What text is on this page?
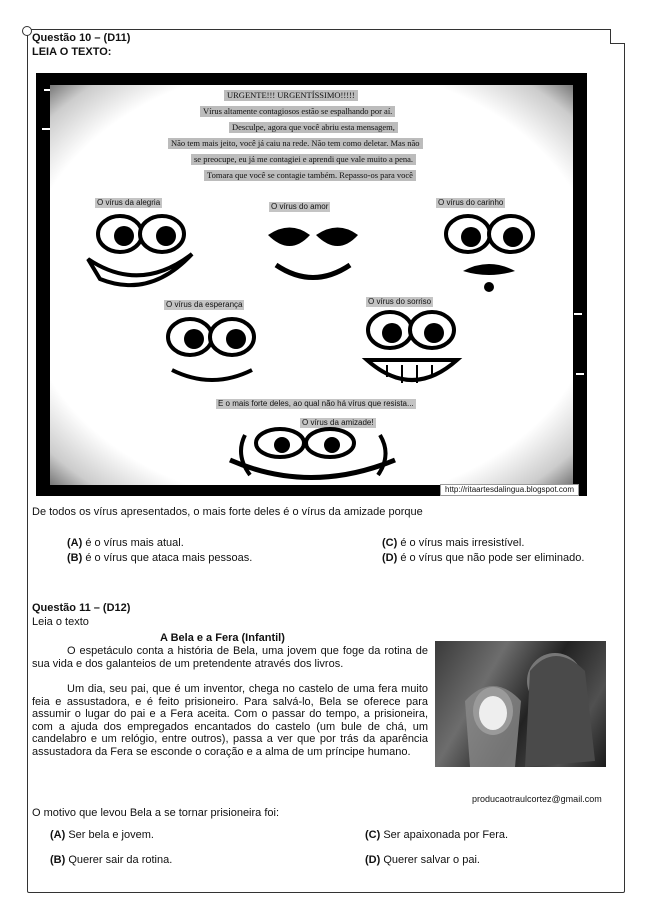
Questão 10 – (D11)
LEIA O TEXTO:
URGENTE!!! URGENTÍSSIMO!!!!!
Vírus altamente contagiosos estão se espalhando por aí.
Desculpe, agora que você abriu esta mensagem,
Não tem mais jeito, você já caiu na rede. Não tem como deletar. Mas não
se preocupe, eu já me contagiei e aprendi que vale muito a pena.
Tomara que você se contagie também. Repasso-os para você
O vírus da alegria	O vírus do amor	O vírus do carinho
O vírus da esperança	O vírus do sorriso
E o mais forte deles, ao qual não há vírus que resista...
O vírus da amizade!
http://ritaartesdalingua.blogspot.com
De todos os vírus apresentados, o mais forte deles é o vírus da amizade porque
(A) é o vírus mais atual.
(B) é o vírus que ataca mais pessoas.
(C) é o vírus mais irresistível.
(D) é o vírus que não pode ser eliminado.
Questão 11 – (D12)
Leia o texto
A Bela e a Fera (Infantil)
O espetáculo conta a história de Bela, uma jovem que foge da rotina de sua vida e dos galanteios de um pretendente através dos livros.
Um dia, seu pai, que é um inventor, chega no castelo de uma fera muito feia e assustadora, e é feito prisioneiro. Para salvá-lo, Bela se oferece para assumir o lugar do pai e a Fera aceita. Com o passar do tempo, a prisioneira, com a ajuda dos empregados encantados do castelo (um bule de chá, um candelabro e um relógio, entre outros), passa a ver que por trás da aparência assustadora da Fera se esconde o coração e a alma de um príncipe humano.
producaotraulcortez@gmail.com
O motivo que levou Bela a se tornar prisioneira foi:
(A) Ser bela e jovem.
(B) Querer sair da rotina.
(C) Ser apaixonada por Fera.
(D) Querer salvar o pai.
